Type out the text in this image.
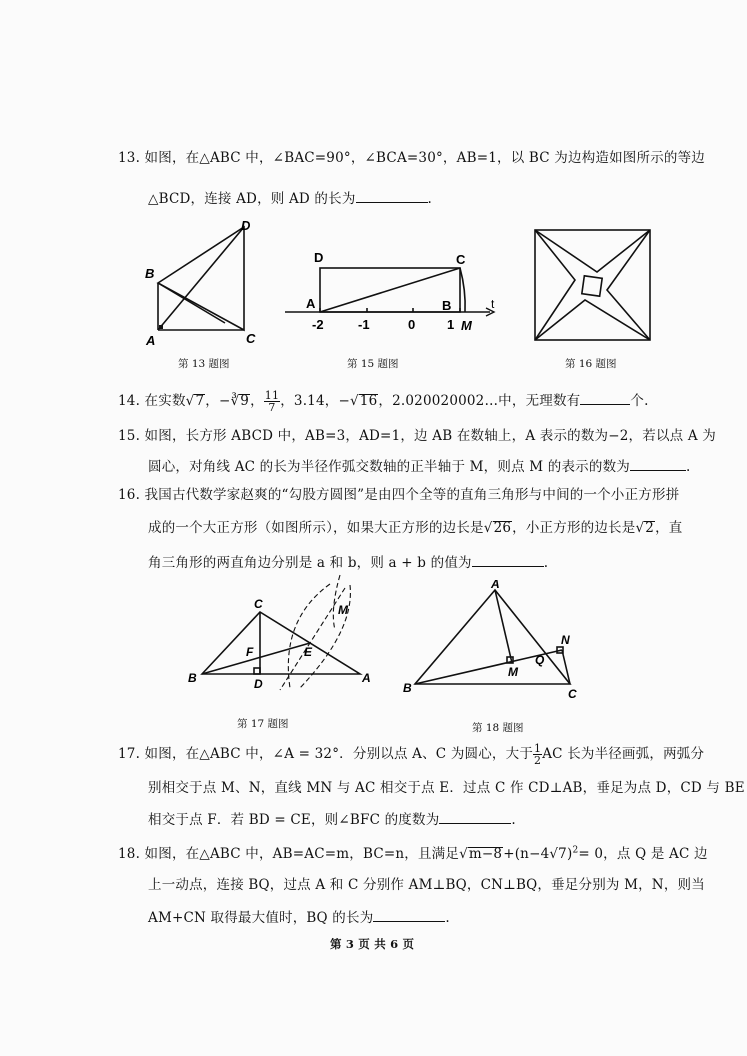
13. 如图，在△ABC 中，∠BAC=90°，∠BCA=30°，AB=1，以 BC 为边构造如图所示的等边
△BCD，连接 AD，则 AD 的长为	.
D
B
A	C
第 13 题图
D	C
A	B	t
-2	-1	0 1 M
第 15 题图	第 16 题图
14. 在实数√7，−∛9， $\frac{11}{7}$ ，3.14，−√16，2.020020002…中，无理数有	个.
15. 如图，长方形 ABCD 中，AB=3，AD=1，边 AB 在数轴上，A 表示的数为−2，若以点 A 为
圆心，对角线 AC 的长为半径作弧交数轴的正半轴于 M，则点 M 的表示的数为	.
16. 我国古代数学家赵爽的“勾股方圆图”是由四个全等的直角三角形与中间的一个小正方形拼
成的一个大正方形（如图所示），如果大正方形的边长是√26，小正方形的边长是√2，直
角三角形的两直角边分别是 a 和 b，则 a + b 的值为	.
C	M
F	E
B	D	A
第 17 题图
A
N
M
Q
B	C
第 18 题图
17. 如图，在△ABC 中，∠A = 32°．分别以点 A、C 为圆心，大于 $\frac{1}{2}$ AC 长为半径画弧，两弧分
别相交于点 M、N，直线 MN 与 AC 相交于点 E．过点 C 作 CD⊥AB，垂足为点 D，CD 与 BE
相交于点 F．若 BD = CE，则∠BFC 的度数为	.
18. 如图，在△ABC 中，AB=AC=m，BC=n，且满足$√m-8+(n-4√7)^2= 0$，点 Q 是 AC 边
上一动点，连接 BQ，过点 A 和 C 分别作 AM⊥BQ，CN⊥BQ，垂足分别为 M，N，则当
AM+CN 取得最大值时，BQ 的长为	.
第 3 页 共 6 页
